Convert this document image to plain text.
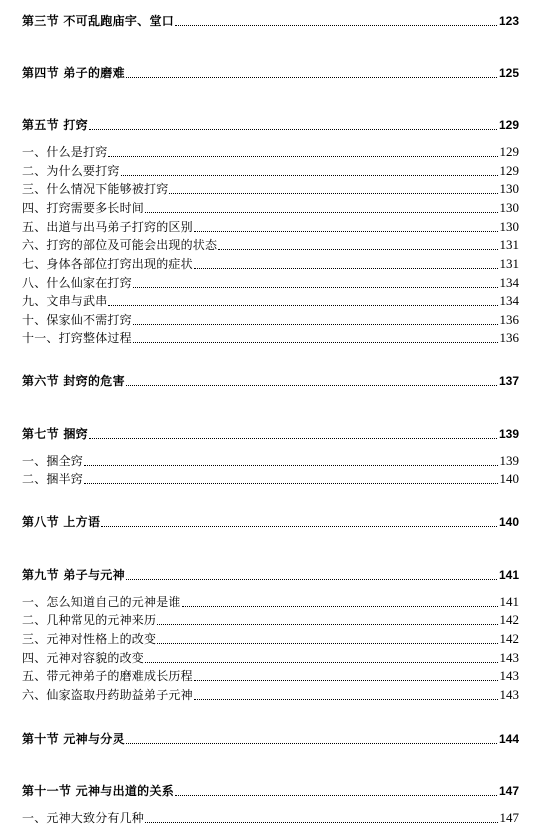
第三节 不可乱跑庙宇、堂口	123
第四节 弟子的磨难	125
第五节 打窍	129
一、什么是打窍	129
二、为什么要打窍	129
三、什么情况下能够被打窍	130
四、打窍需要多长时间	130
五、出道与出马弟子打窍的区别	130
六、打窍的部位及可能会出现的状态	131
七、身体各部位打窍出现的症状	131
八、什么仙家在打窍	134
九、文串与武串	134
十、保家仙不需打窍	136
十一、打窍整体过程	136
第六节 封窍的危害	137
第七节 捆窍	139
一、捆全窍	139
二、捆半窍	140
第八节 上方语	140
第九节 弟子与元神	141
一、怎么知道自己的元神是谁	141
二、几种常见的元神来历	142
三、元神对性格上的改变	142
四、元神对容貌的改变	143
五、带元神弟子的磨难成长历程	143
六、仙家盗取丹药助益弟子元神	143
第十节 元神与分灵	144
第十一节 元神与出道的关系	147
一、元神大致分有几种	147
